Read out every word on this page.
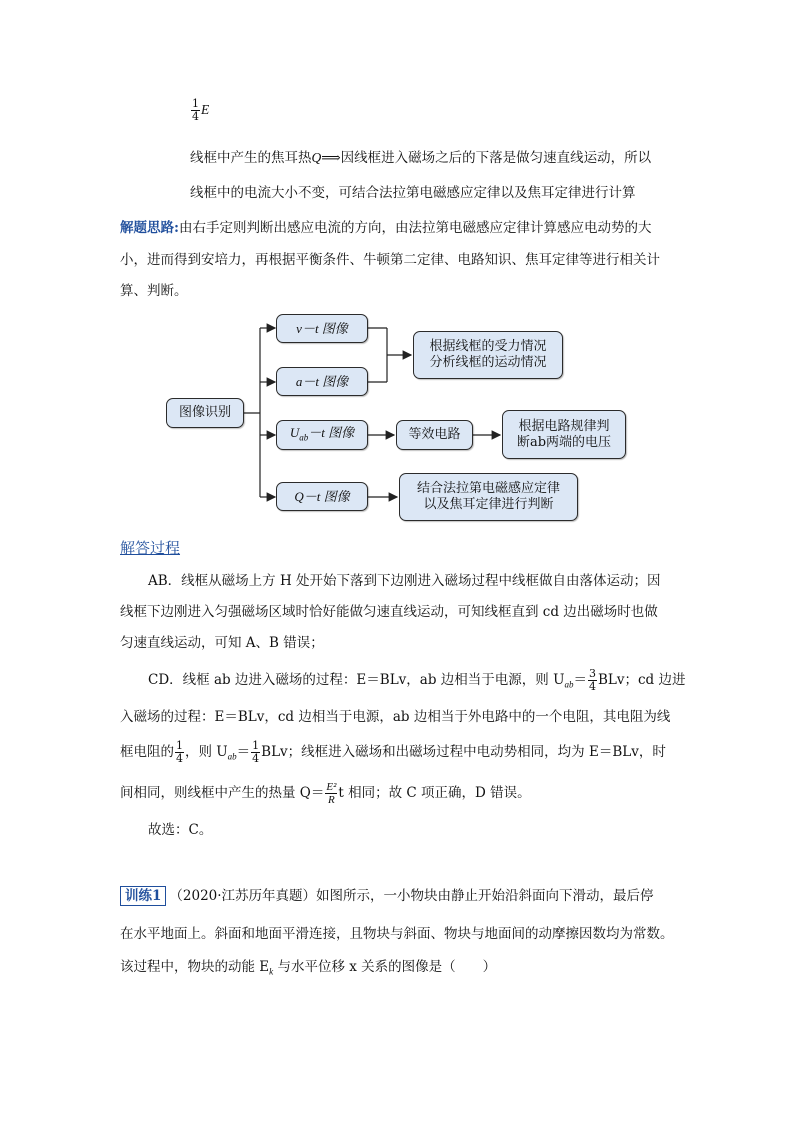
$\frac{1}{4}$ E
线框中产生的焦耳热Q⟹因线框进入磁场之后的下落是做匀速直线运动，所以
线框中的电流大小不变，可结合法拉第电磁感应定律以及焦耳定律进行计算
解题思路:由右手定则判断出感应电流的方向，由法拉第电磁感应定律计算感应电动势的大
小，进而得到安培力，再根据平衡条件、牛顿第二定律、电路知识、焦耳定律等进行相关计
算、判断。
图像识别
v－t 图像
a－t 图像
$U_{ab}-t$ 图像
Q－t 图像
根据线框的受力情况
分析线框的运动情况
等效电路
根据电路规律判
断ab两端的电压
结合法拉第电磁感应定律
以及焦耳定律进行判断
解答过程
AB．线框从磁场上方 H 处开始下落到下边刚进入磁场过程中线框做自由落体运动；因
线框下边刚进入匀强磁场区域时恰好能做匀速直线运动，可知线框直到 cd 边出磁场时也做
匀速直线运动，可知 A、B 错误；
CD．线框 ab 边进入磁场的过程：E＝BLv，ab 边相当于电源，则 $U_{ab}= \frac{3}{4}$ BLv；cd 边进
入磁场的过程：E＝BLv，cd 边相当于电源，ab 边相当于外电路中的一个电阻，其电阻为线
框电阻的 $\frac{1}{4}$ ，则 $U_{ab}= \frac{1}{4}$ BLv；线框进入磁场和出磁场过程中电动势相同，均为 E＝BLv，时
间相同，则线框中产生的热量 $Q= \frac{\text{E²}}{R}$ t 相同；故 C 项正确，D 错误。
故选：C。
训练1 （2020·江苏历年真题）如图所示，一小物块由静止开始沿斜面向下滑动，最后停
在水平地面上。斜面和地面平滑连接，且物块与斜面、物块与地面间的动摩擦因数均为常数。
该过程中，物块的动能 $E_k$ 与水平位移 x 关系的图像是（　　）
